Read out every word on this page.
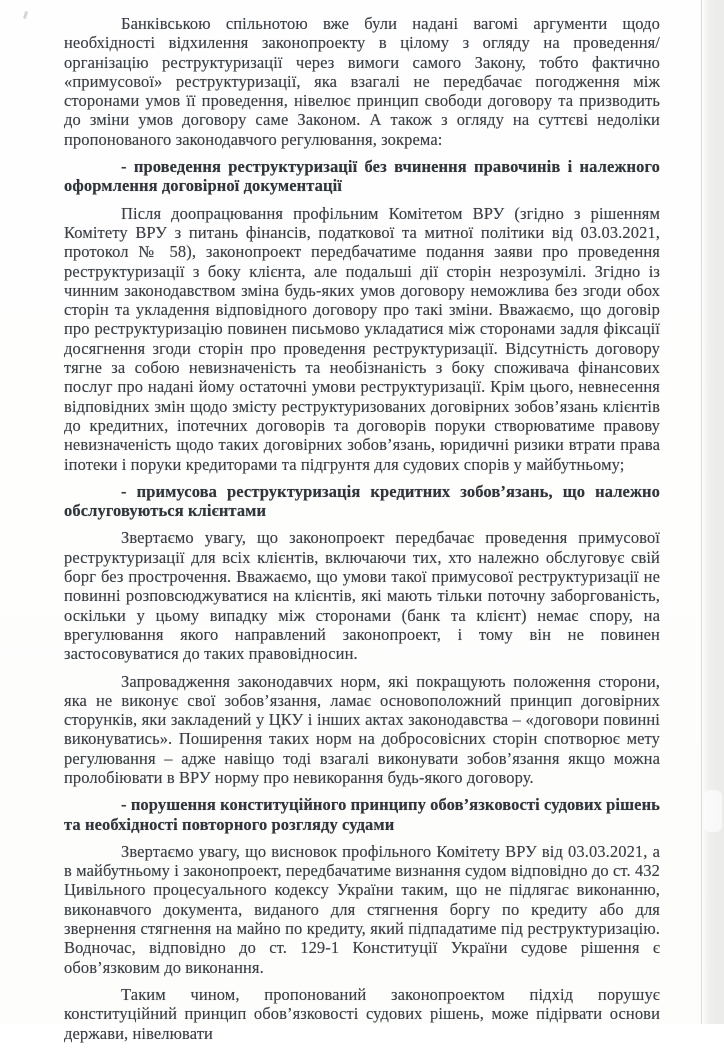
Банківською спільнотою вже були надані вагомі аргументи щодо необхідності відхилення законопроекту в цілому з огляду на проведення/організацію реструктуризації через вимоги самого Закону, тобто фактично «примусової» реструктуризації, яка взагалі не передбачає погодження між сторонами умов її проведення, нівелює принцип свободи договору та призводить до зміни умов договору саме Законом. А також з огляду на суттєві недоліки пропонованого законодавчого регулювання, зокрема:

- проведення реструктуризації без вчинення правочинів і належного оформлення договірної документації

Після доопрацювання профільним Комітетом ВРУ (згідно з рішенням Комітету ВРУ з питань фінансів, податкової та митної політики від 03.03.2021, протокол № 58), законопроект передбачатиме подання заяви про проведення реструктуризації з боку клієнта, але подальші дії сторін незрозумілі. Згідно із чинним законодавством зміна будь-яких умов договору неможлива без згоди обох сторін та укладення відповідного договору про такі зміни. Вважаємо, що договір про реструктуризацію повинен письмово укладатися між сторонами задля фіксації досягнення згоди сторін про проведення реструктуризації. Відсутність договору тягне за собою невизначеність та необізнаність з боку споживача фінансових послуг про надані йому остаточні умови реструктуризації. Крім цього, невнесення відповідних змін щодо змісту реструктуризованих договірних зобов’язань клієнтів до кредитних, іпотечних договорів та договорів поруки створюватиме правову невизначеність щодо таких договірних зобов’язань, юридичні ризики втрати права іпотеки і поруки кредиторами та підгрунтя для судових спорів у майбутньому;

- примусова реструктуризація кредитних зобов’язань, що належно обслуговуються клієнтами

Звертаємо увагу, що законопроект передбачає проведення примусової реструктуризації для всіх клієнтів, включаючи тих, хто належно обслуговує свій борг без прострочення. Вважаємо, що умови такої примусової реструктуризації не повинні розповсюджуватися на клієнтів, які мають тільки поточну заборгованість, оскільки у цьому випадку між сторонами (банк та клієнт) немає спору, на врегулювання якого направлений законопроект, і тому він не повинен застосовуватися до таких правовідносин.

Запровадження законодавчих норм, які покращують положення сторони, яка не виконує свої зобов’язання, ламає основоположний принцип договірних сторунків, яки закладений у ЦКУ і інших актах законодавства – «договори повинні виконуватись». Поширення таких норм на добросовісних сторін спотворює мету регулювання – адже навіщо тоді взагалі виконувати зобов’язання якщо можна пролобіювати в ВРУ норму про невикорання будь-якого договору.

- порушення конституційного принципу обов’язковості судових рішень та необхідності повторного розгляду судами

Звертаємо увагу, що висновок профільного Комітету ВРУ від 03.03.2021, а в майбутньому і законопроект, передбачатиме визнання судом відповідно до ст. 432 Цивільного процесуального кодексу України таким, що не підлягає виконанню, виконавчого документа, виданого для стягнення боргу по кредиту або для звернення стягнення на майно по кредиту, який підпадатиме під реструктуризацію. Водночас, відповідно до ст. 129-1 Конституції України судове рішення є обов’язковим до виконання.

Таким чином, пропонований законопроектом підхід порушує конституційний принцип обов’язковості судових рішень, може підірвати основи держави, нівелювати
